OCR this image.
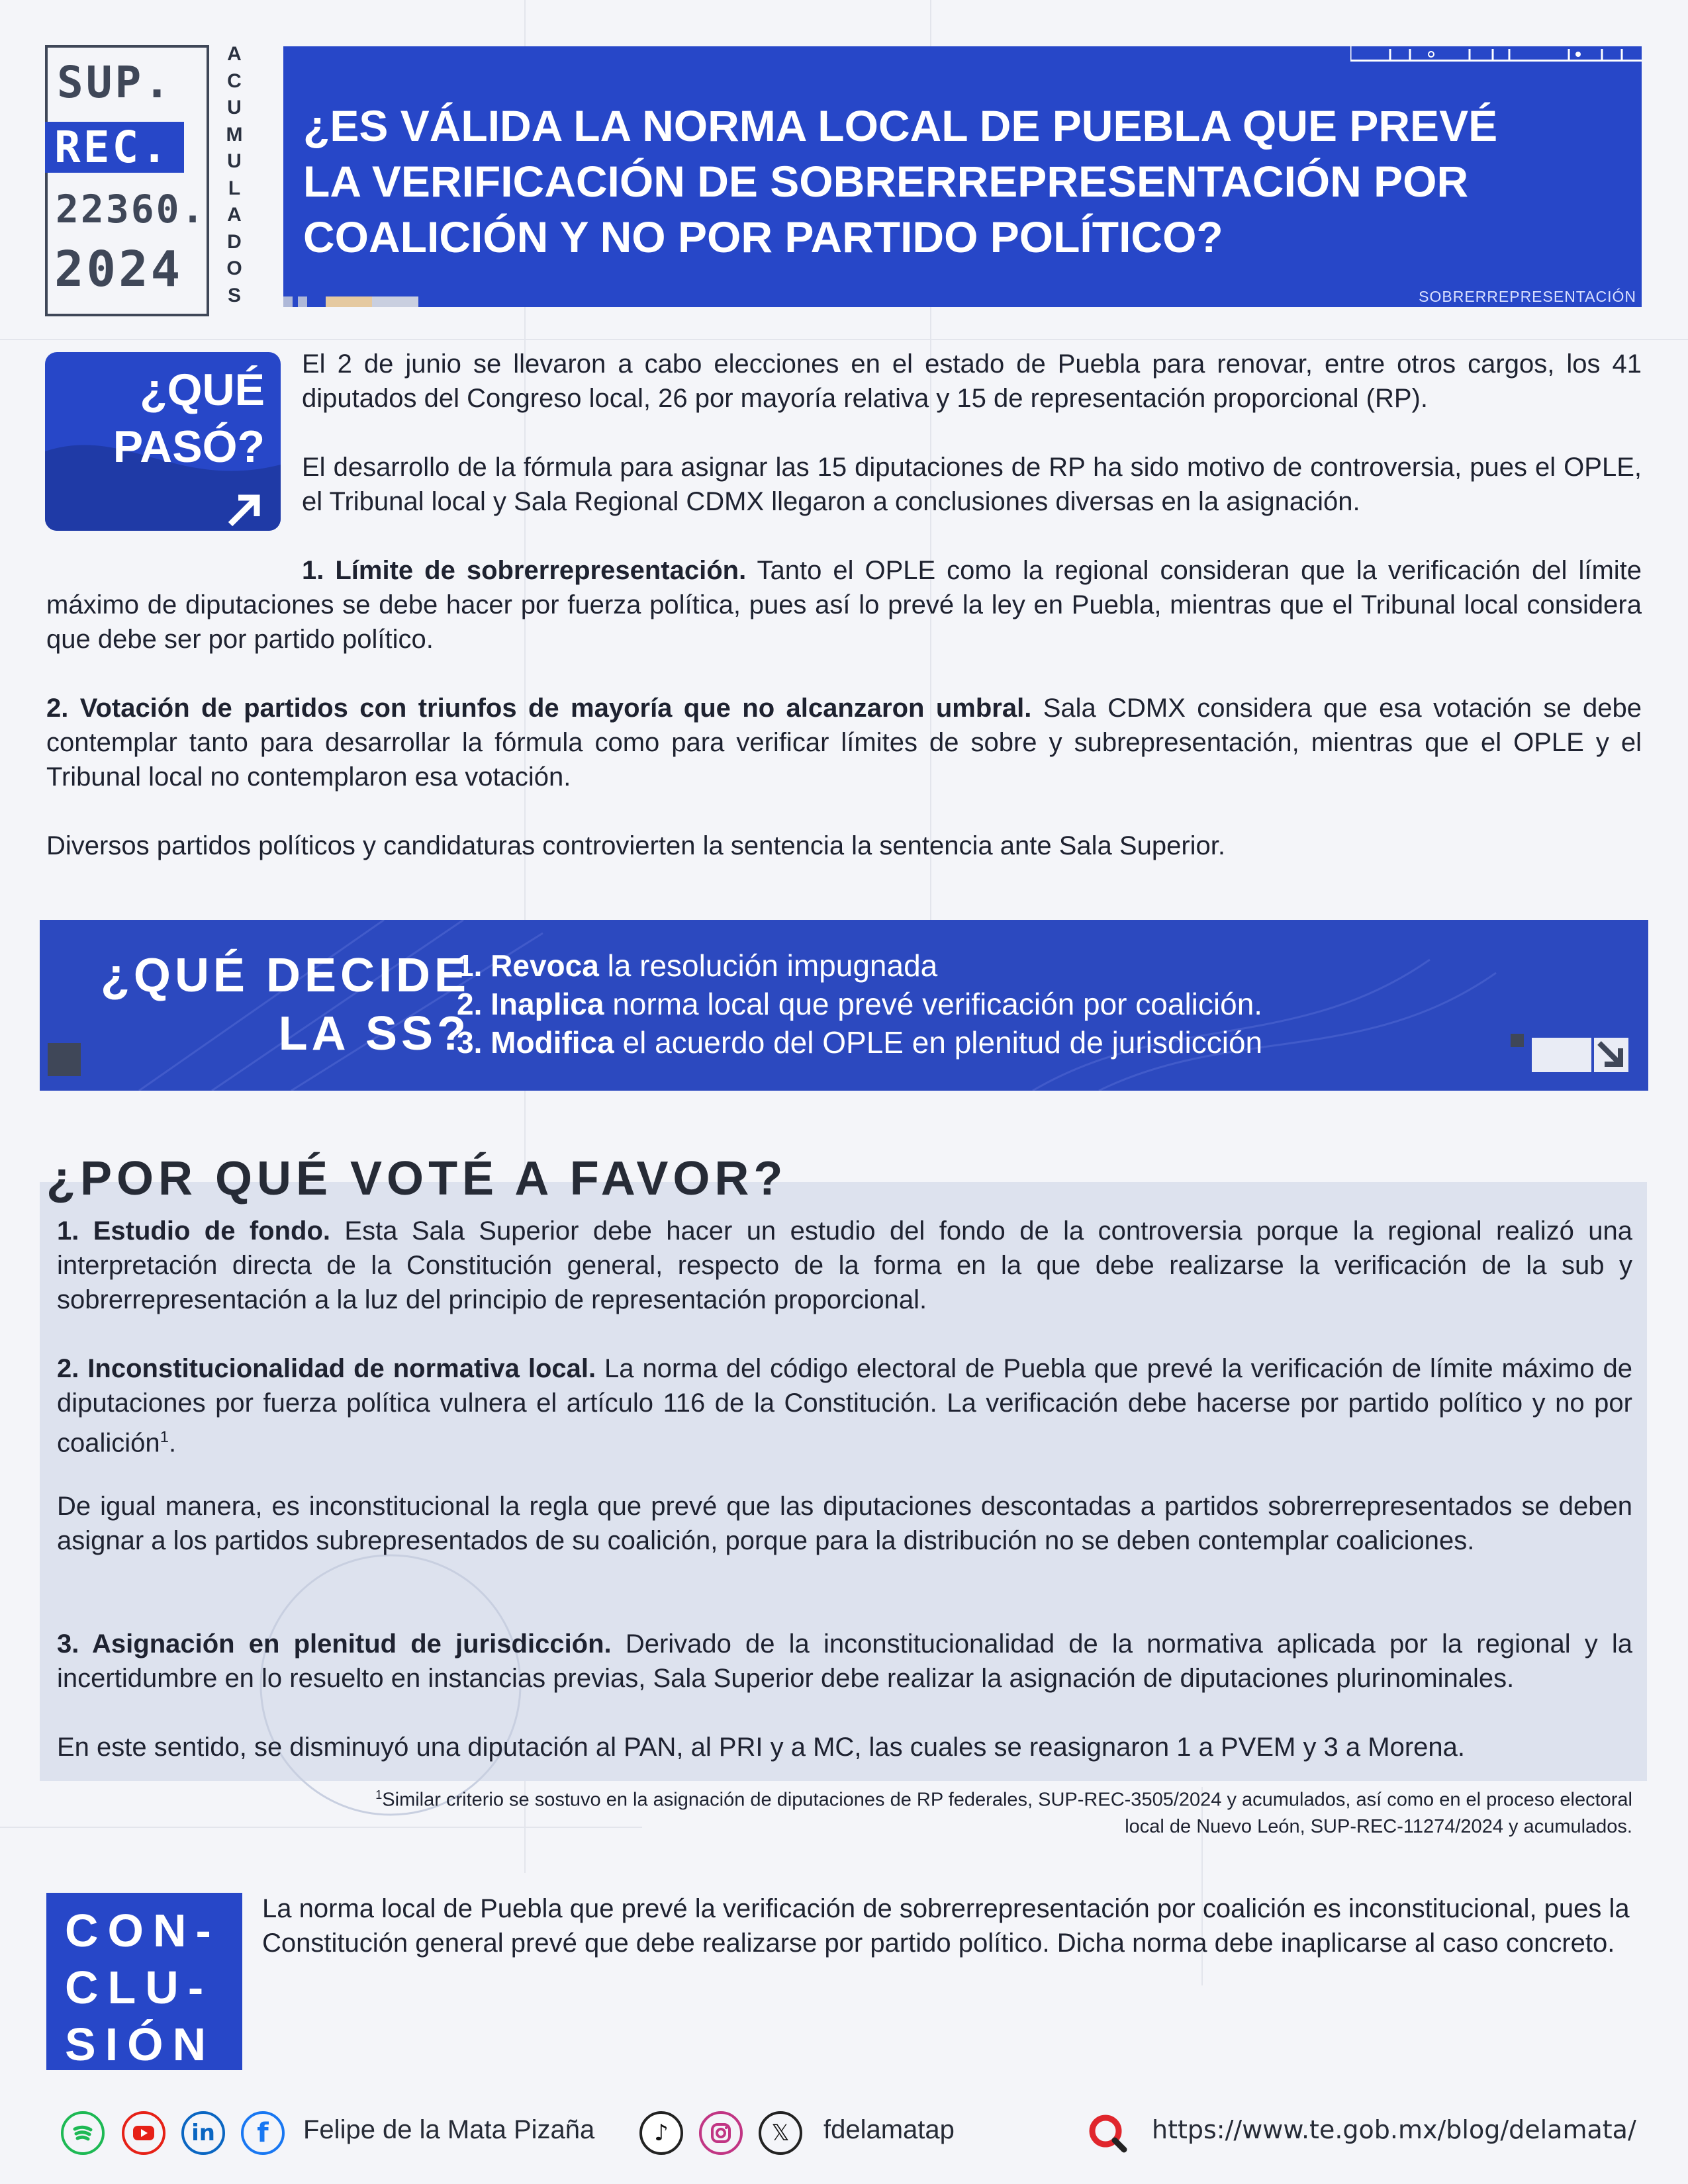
SUP.
REC.
22360.
2024
A
C
U
M
U
L
A
D
O
S
¿ES VÁLIDA LA NORMA LOCAL DE PUEBLA QUE PREVÉ
LA VERIFICACIÓN DE SOBRERREPRESENTACIÓN POR
COALICIÓN Y NO POR PARTIDO POLÍTICO?
SOBRERREPRESENTACIÓN
¿QUÉ
PASÓ?
El 2 de junio se llevaron a cabo elecciones en el estado de Puebla para renovar, entre otros cargos, los 41 diputados del Congreso local, 26 por mayoría relativa y 15 de representación proporcional (RP).
El desarrollo de la fórmula para asignar las 15 diputaciones de RP ha sido motivo de controversia, pues el OPLE, el Tribunal local y Sala Regional CDMX llegaron a conclusiones diversas en la asignación.
1. Límite de sobrerrepresentación. Tanto el OPLE como la regional consideran que la verificación del límite máximo de diputaciones se debe hacer por fuerza política, pues así lo prevé la ley en Puebla, mientras que el Tribunal local considera que debe ser por partido político.
2. Votación de partidos con triunfos de mayoría que no alcanzaron umbral. Sala CDMX considera que esa votación se debe contemplar tanto para desarrollar la fórmula como para verificar límites de sobre y subrepresentación, mientras que el OPLE y el Tribunal local no contemplaron esa votación.
Diversos partidos políticos y candidaturas controvierten la sentencia la sentencia ante Sala Superior.
¿QUÉ DECIDE
LA SS?
1. Revoca la resolución impugnada
2. Inaplica norma local que prevé verificación por coalición.
3. Modifica el acuerdo del OPLE en plenitud de jurisdicción
¿POR QUÉ VOTÉ A FAVOR?
1. Estudio de fondo. Esta Sala Superior debe hacer un estudio del fondo de la controversia porque la regional realizó una interpretación directa de la Constitución general, respecto de la forma en la que debe realizarse la verificación de la sub y sobrerrepresentación a la luz del principio de representación proporcional.
2. Inconstitucionalidad de normativa local. La norma del código electoral de Puebla que prevé la verificación de límite máximo de diputaciones por fuerza política vulnera el artículo 116 de la Constitución. La verificación debe hacerse por partido político y no por coalición$^1$.
De igual manera, es inconstitucional la regla que prevé que las diputaciones descontadas a partidos sobrerrepresentados se deben asignar a los partidos subrepresentados de su coalición, porque para la distribución no se deben contemplar coaliciones.
3. Asignación en plenitud de jurisdicción. Derivado de la inconstitucionalidad de la normativa aplicada por la regional y la incertidumbre en lo resuelto en instancias previas, Sala Superior debe realizar la asignación de diputaciones plurinominales.
En este sentido, se disminuyó una diputación al PAN, al PRI y a MC, las cuales se reasignaron 1 a PVEM y 3 a Morena.
$^1$Similar criterio se sostuvo en la asignación de diputaciones de RP federales, SUP-REC-3505/2024 y acumulados, así como en el proceso electoral
local de Nuevo León, SUP-REC-11274/2024 y acumulados.
CON-
CLU-
SIÓN
La norma local de Puebla que prevé la verificación de sobrerrepresentación por coalición es inconstitucional, pues la Constitución general prevé que debe realizarse por partido político. Dicha norma debe inaplicarse al caso concreto.
in f Felipe de la Mata Pizaña	♪	𝕏 fdelamatap	https://www.te.gob.mx/blog/delamata/
